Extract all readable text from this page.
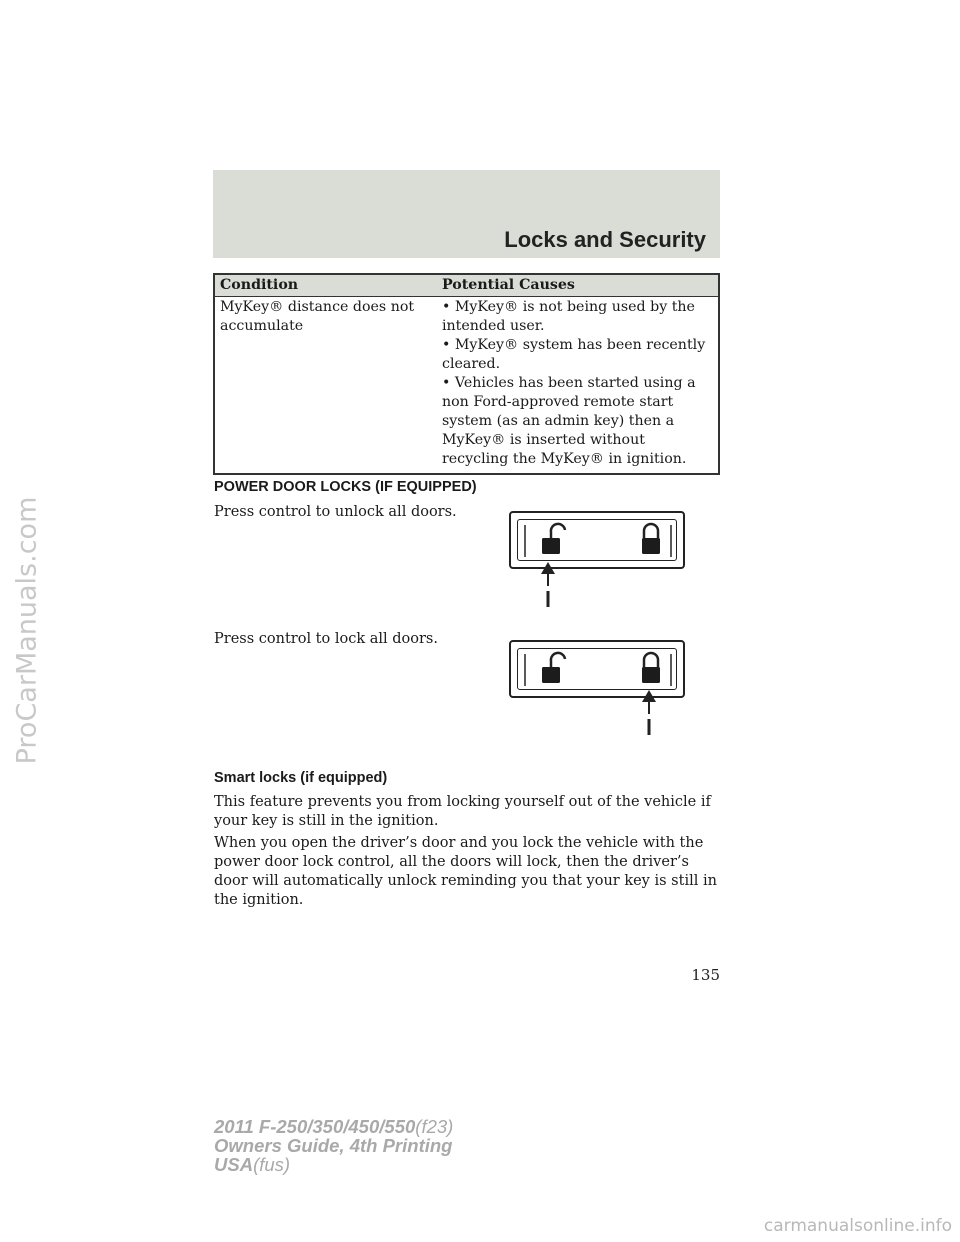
ProCarManuals.com
Locks and Security
Condition	Potential Causes
MyKey® distance does not accumulate	• MyKey® is not being used by the intended user.
• MyKey® system has been recently cleared.
• Vehicles has been started using a non Ford-approved remote start system (as an admin key) then a MyKey® is inserted without recycling the MyKey® in ignition.
POWER DOOR LOCKS (IF EQUIPPED)
Press control to unlock all doors.
Press control to lock all doors.
Smart locks (if equipped)
This feature prevents you from locking yourself out of the vehicle if your key is still in the ignition.
When you open the driver’s door and you lock the vehicle with the power door lock control, all the doors will lock, then the driver’s door will automatically unlock reminding you that your key is still in the ignition.
135
2011 F-250/350/450/550(f23)
Owners Guide, 4th Printing
USA(fus)
carmanualsonline.info
